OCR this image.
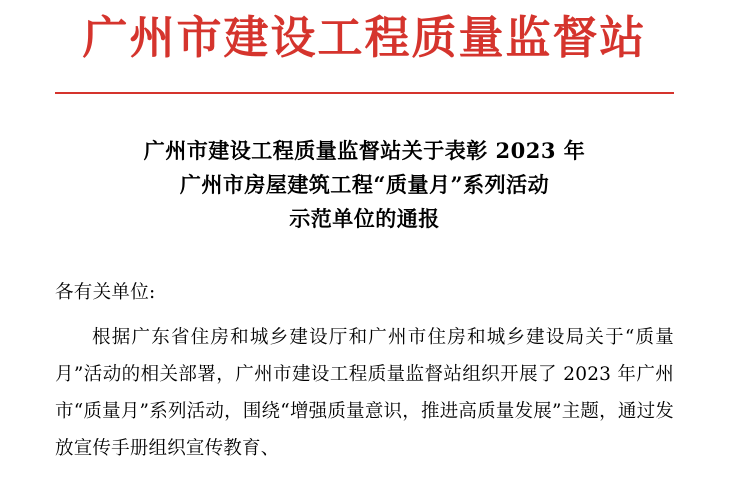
广州市建设工程质量监督站
广州市建设工程质量监督站关于表彰 2023 年
广州市房屋建筑工程“质量月”系列活动
示范单位的通报
各有关单位:
根据广东省住房和城乡建设厅和广州市住房和城乡建设局关于“质量月”活动的相关部署，广州市建设工程质量监督站组织开展了 2023 年广州市“质量月”系列活动，围绕“增强质量意识，推进高质量发展”主题，通过发放宣传手册组织宣传教育、
